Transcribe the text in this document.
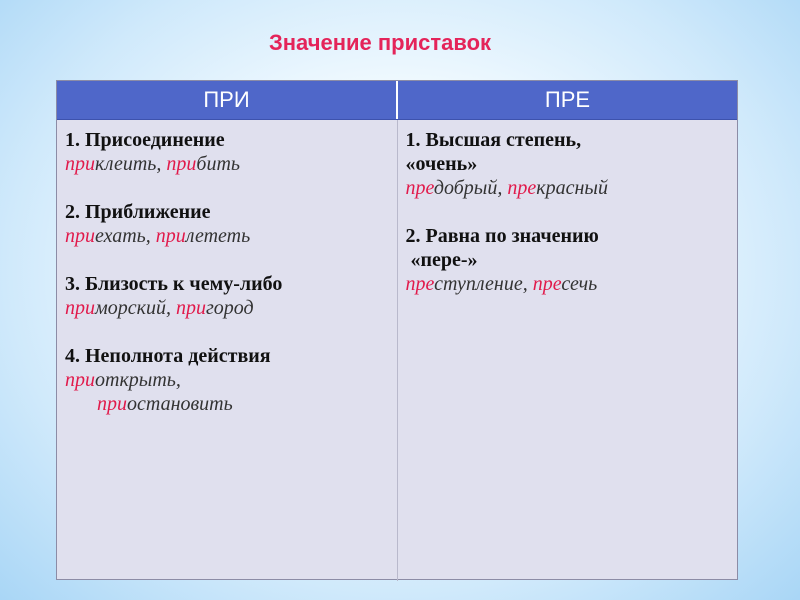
Значение приставок
ПРИ	ПРЕ
1. Присоединение
приклеить, прибить
2. Приближение
приехать, прилететь
3. Близость к чему-либо
приморский, пригород
4. Неполнота действия
приоткрыть,
приостановить
1. Высшая степень,
«очень»
предобрый, прекрасный
2. Равна по значению
«пере-»
преступление, пресечь
